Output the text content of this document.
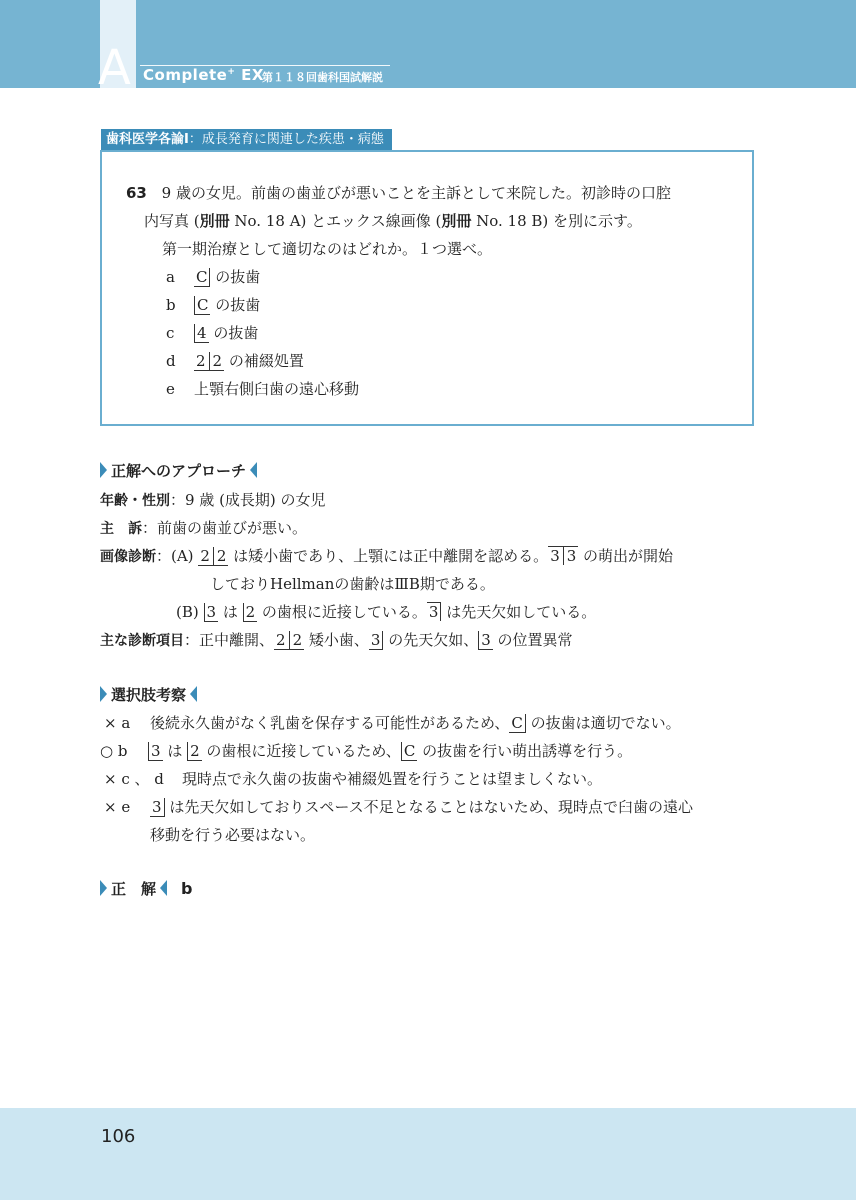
A Complete+ EX
第１１８回歯科国試解説
歯科医学各論Ⅰ：成長発育に関連した疾患・病態
63 9 歳の女児。前歯の歯並びが悪いことを主訴として来院した。初診時の口腔
内写真 (別冊 No. 18 A) とエックス線画像 (別冊 No. 18 B) を別に示す。
第一期治療として適切なのはどれか。１つ選べ。
a C の抜歯
b C の抜歯
c 4 の抜歯
d 2 2 の補綴処置
e 上顎右側臼歯の遠心移動
正解へのアプローチ
年齢・性別：9 歳 (成長期) の女児
主　訴：前歯の歯並びが悪い。
画像診断：(A) 2 2 は矮小歯であり、上顎には正中離開を認める。 3 3 の萌出が開始
しておりHellmanの歯齢はⅢB期である。
(B) 3 は 2 の歯根に近接している。 3 は先天欠如している。
主な診断項目：正中離開、 2 2 矮小歯、 3 の先天欠如、 3 の位置異常
選択肢考察
× a 後続永久歯がなく乳歯を保存する可能性があるため、 C の抜歯は適切でない。
○ b 3 は 2 の歯根に近接しているため、 C の抜歯を行い萌出誘導を行う。
× c 、 d 現時点で永久歯の抜歯や補綴処置を行うことは望ましくない。
× e 3 は先天欠如しておりスペース不足となることはないため、現時点で臼歯の遠心
移動を行う必要はない。
正　解 b
106
